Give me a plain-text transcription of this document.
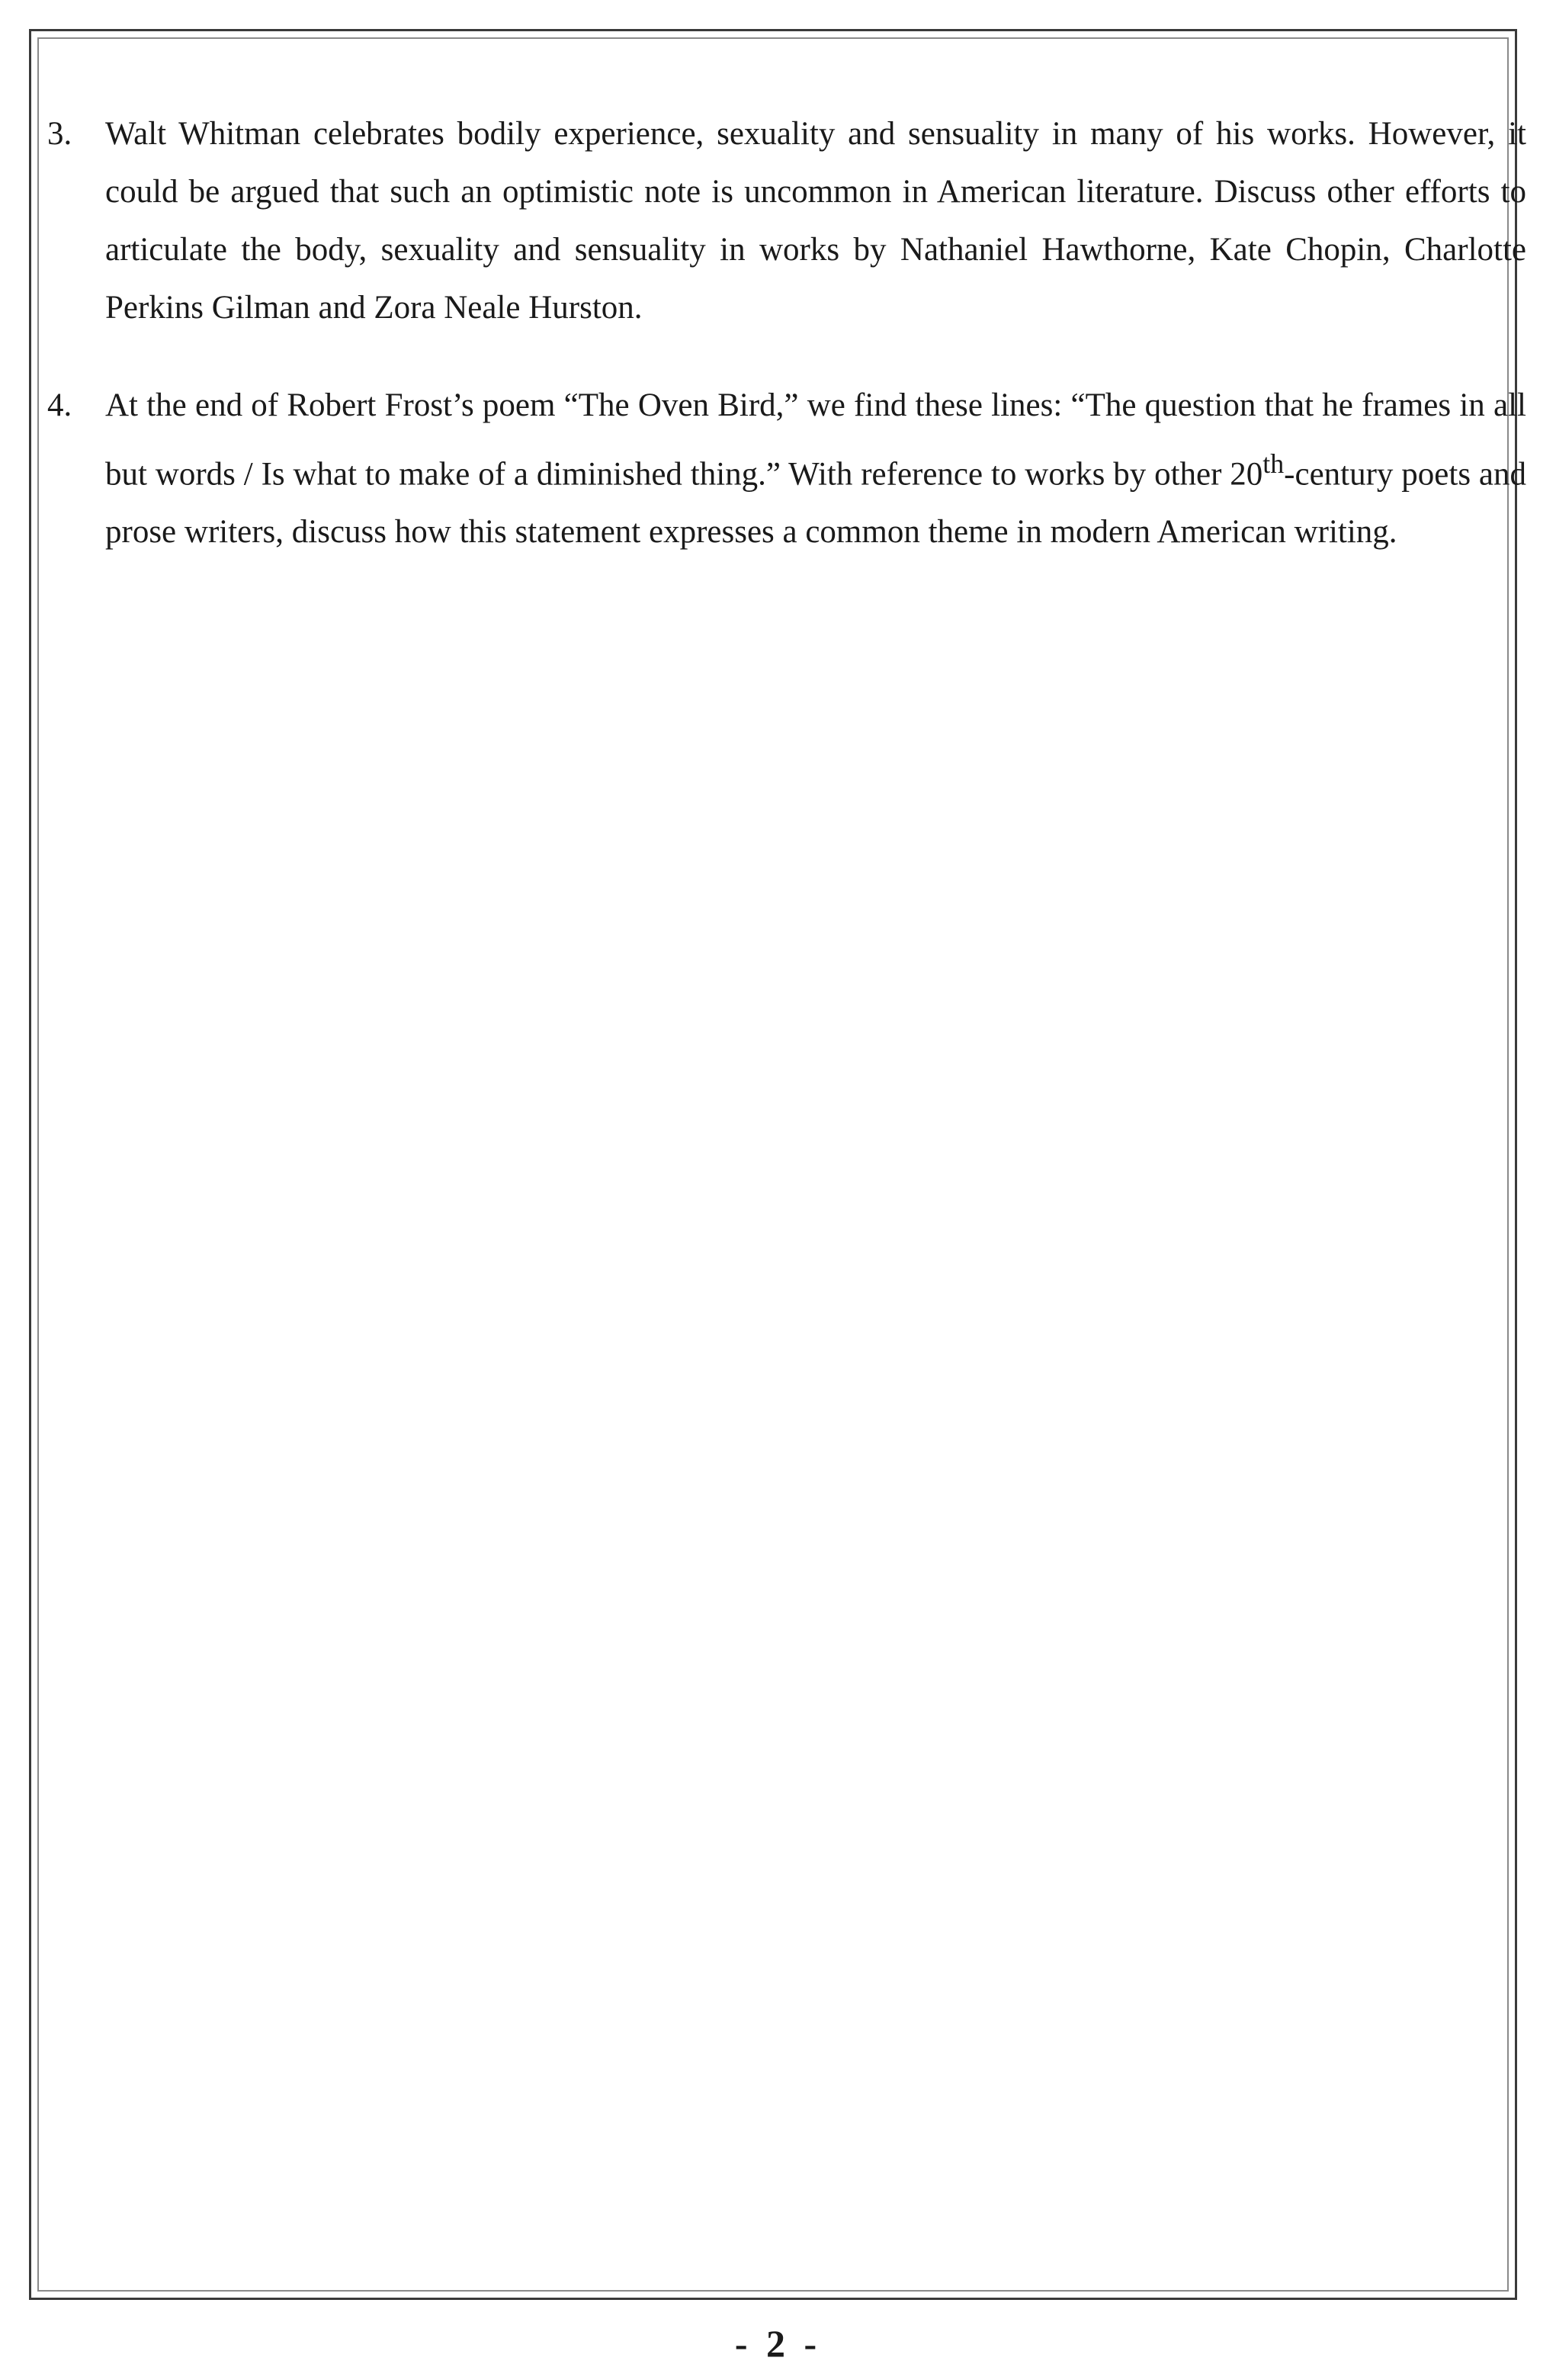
3. Walt Whitman celebrates bodily experience, sexuality and sensuality in many of his works. However, it could be argued that such an optimistic note is uncommon in American literature. Discuss other efforts to articulate the body, sexuality and sensuality in works by Nathaniel Hawthorne, Kate Chopin, Charlotte Perkins Gilman and Zora Neale Hurston.
4. At the end of Robert Frost’s poem “The Oven Bird,” we find these lines: “The question that he frames in all but words / Is what to make of a diminished thing.” With reference to works by other 20th-century poets and prose writers, discuss how this statement expresses a common theme in modern American writing.
- 2 -
